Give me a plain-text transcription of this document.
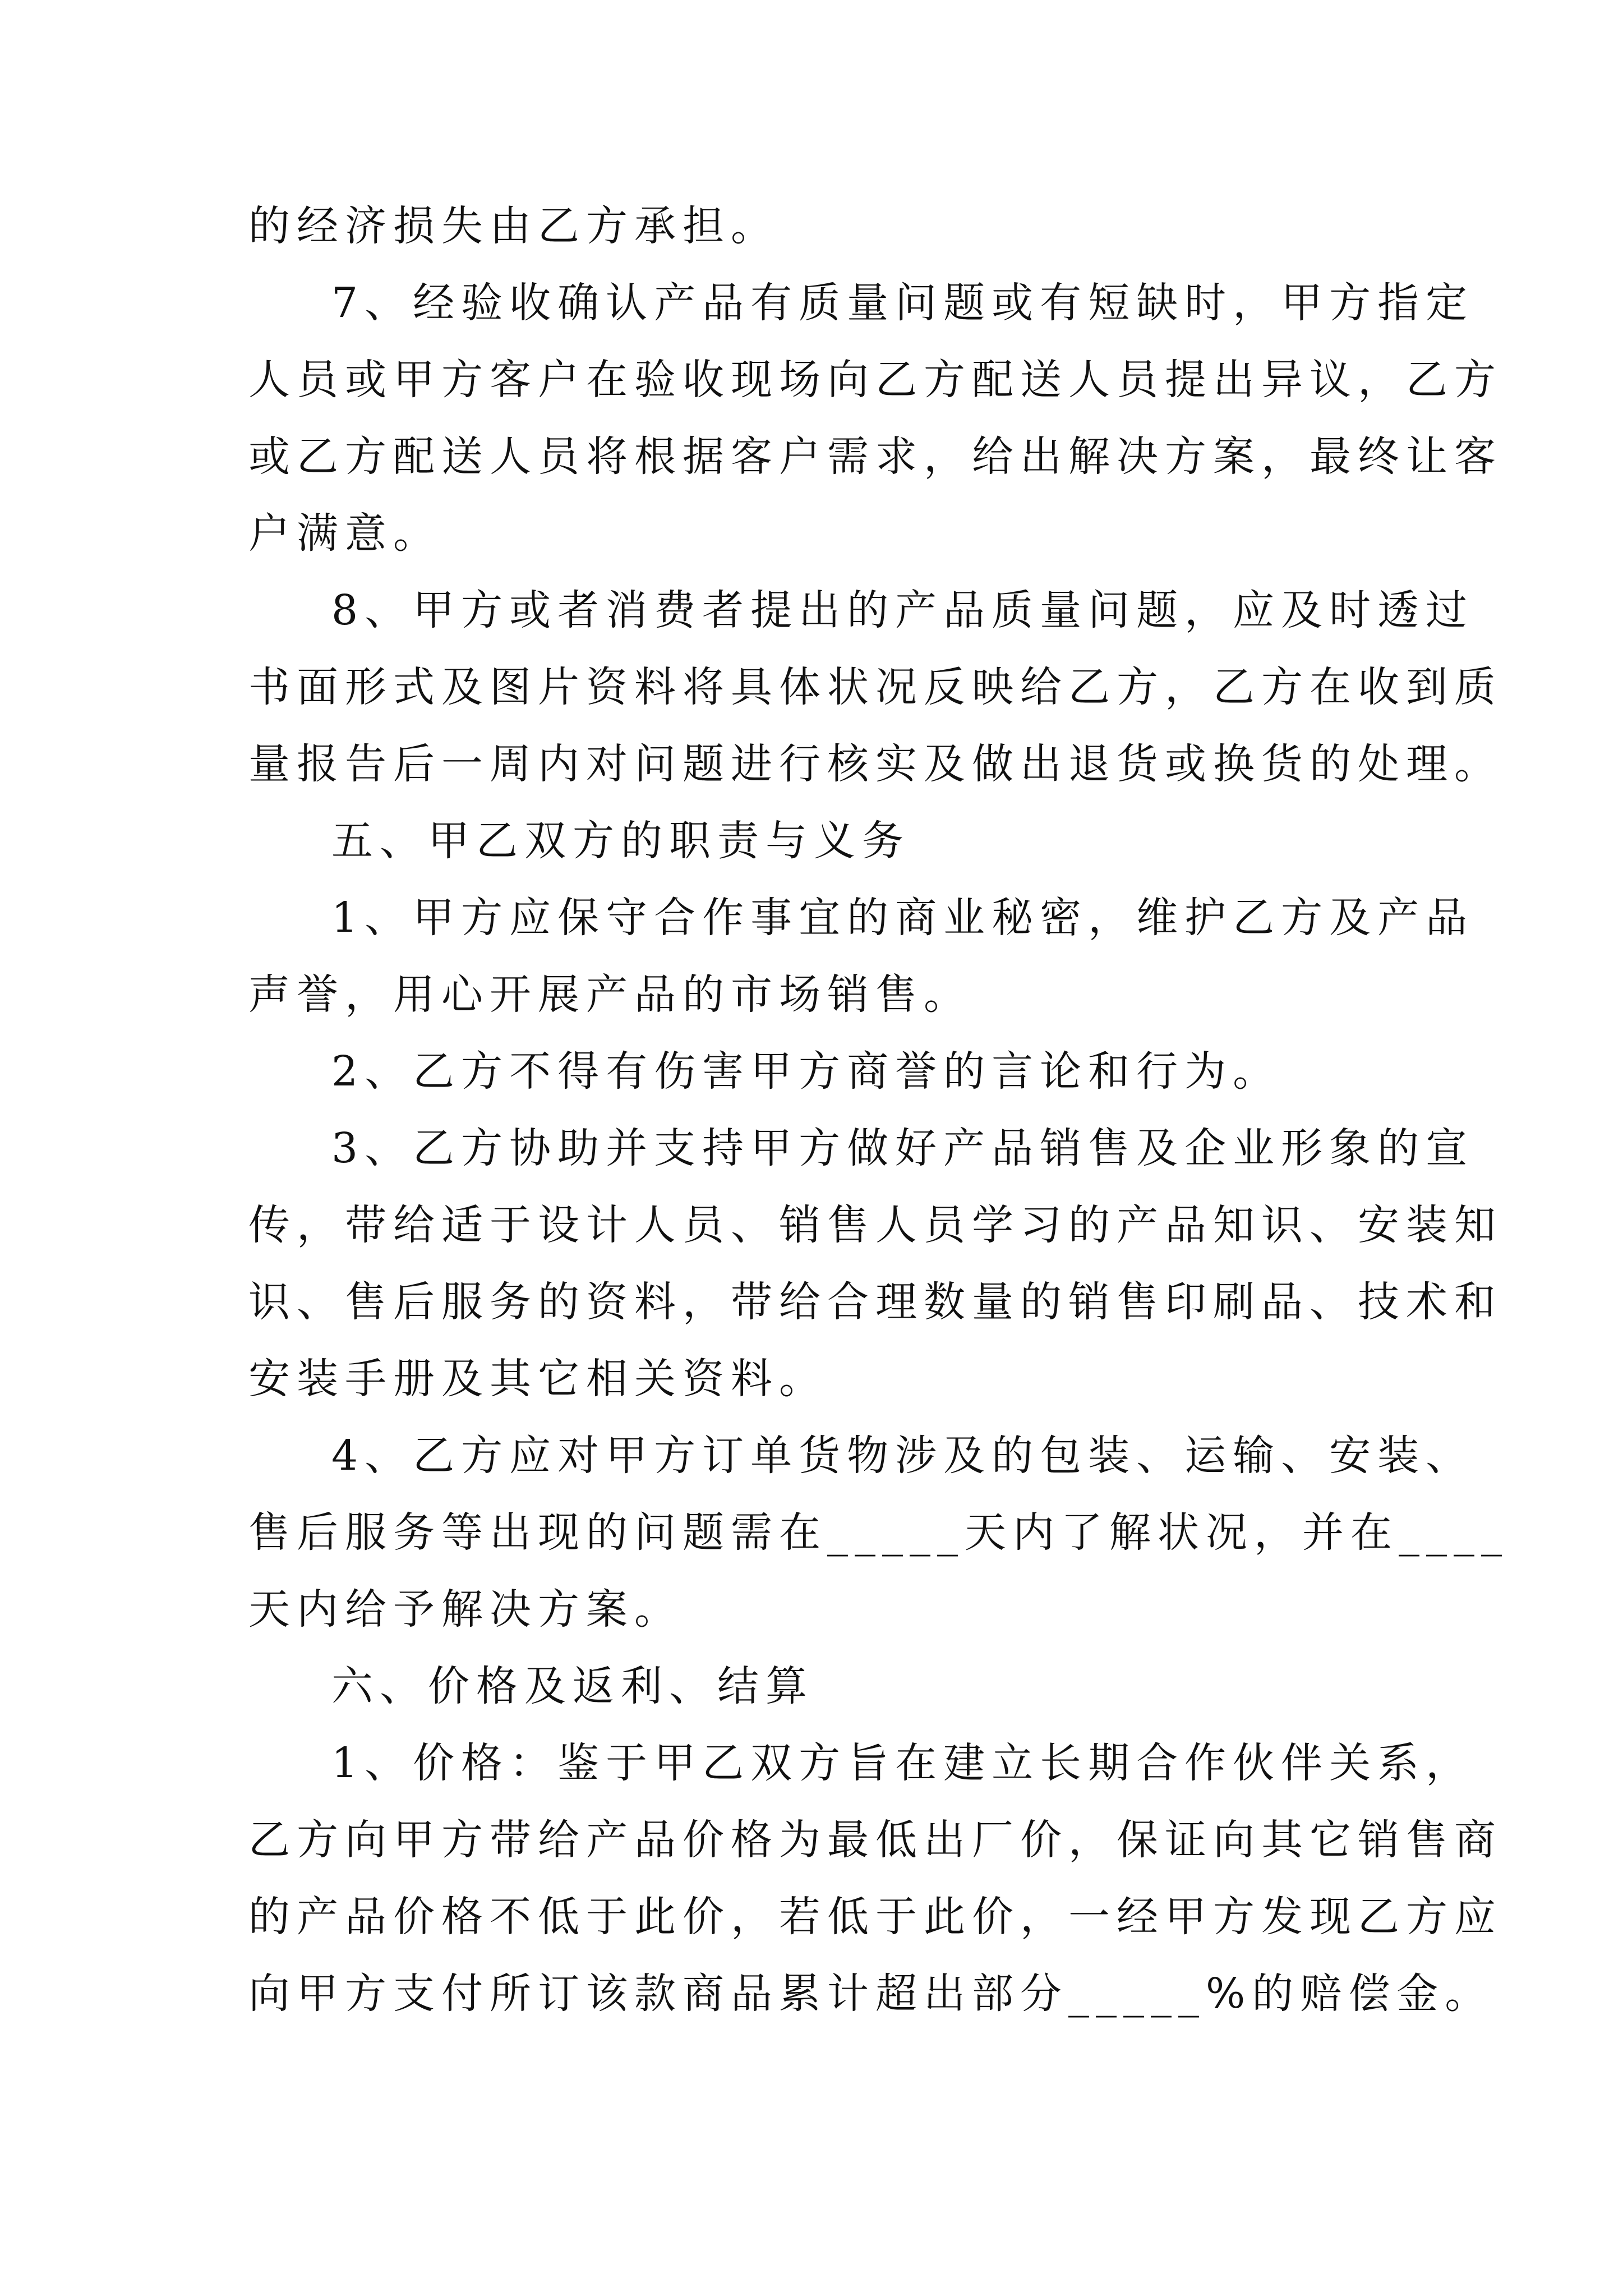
的经济损失由乙方承担。
7、经验收确认产品有质量问题或有短缺时，甲方指定
人员或甲方客户在验收现场向乙方配送人员提出异议，乙方
或乙方配送人员将根据客户需求，给出解决方案，最终让客
户满意。
8、甲方或者消费者提出的产品质量问题，应及时透过
书面形式及图片资料将具体状况反映给乙方，乙方在收到质
量报告后一周内对问题进行核实及做出退货或换货的处理。
五、甲乙双方的职责与义务
1、甲方应保守合作事宜的商业秘密，维护乙方及产品
声誉，用心开展产品的市场销售。
2、乙方不得有伤害甲方商誉的言论和行为。
3、乙方协助并支持甲方做好产品销售及企业形象的宣
传，带给适于设计人员、销售人员学习的产品知识、安装知
识、售后服务的资料，带给合理数量的销售印刷品、技术和
安装手册及其它相关资料。
4、乙方应对甲方订单货物涉及的包装、运输、安装、
售后服务等出现的问题需在_____天内了解状况，并在____
天内给予解决方案。
六、价格及返利、结算
1、价格：鉴于甲乙双方旨在建立长期合作伙伴关系，
乙方向甲方带给产品价格为最低出厂价，保证向其它销售商
的产品价格不低于此价，若低于此价，一经甲方发现乙方应
向甲方支付所订该款商品累计超出部分_____%的赔偿金。
